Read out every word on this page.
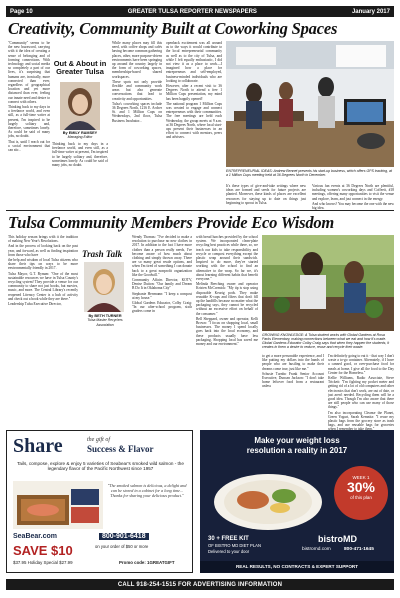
Page 10	GREATER TULSA REPORTER NEWSPAPERS	January 2017
Creativity, Community Built at Coworking Spaces

"Community" seems to be the new buzzword, carrying with it the idea of creating a sense of belonging and of forming connections. With technology and social media so completely a part of our lives, it's surprising that humans are, ironically, more connected than ever, regardless of geographical location and yet more distanced than ever, feeling our innate need and desire to connect with others.

Thinking back to my days in a freelance world, and even still, as a full-time writer at present, I'm inspired to be largely solitary and, therefore, sometimes lonely. As could be said of many jobs, no doubt.

That is, until I reach out for a social environment that can stir...

Out & About in Greater Tulsa
By EMILY RAMSEY
Managing Editor

Thinking back to my days in a freelance world, and even still, as a full-time writer at present, I'm inspired to be largely solitary and, therefore, sometimes lonely. As could be said of many jobs, no doubt.

While many places may fill this need, with coffee shops and cafés having become common gathering places, other, more purpose-driven environments have been springing up around the country largely in the form of coworking spaces, memberships-based shared workspaces.

These spots not only provide flexible and community work areas but also generate conversations that lead to creativity and opportunities.

Tulsa's coworking spaces include 36 Degrees North, 1216 E. Archer St. and 1 Million Cups on Wednesdays, 2nd floor, Tulsa Business Incubator...

openhack excitement was all around as to the ways it would contribute to the local entrepreneurial community as well as to the city of Tulsa, and while I felt equally enthusiastic, I did not view it as a place to work—I imagined how a place for entrepreneurs and self-employed, business-minded individuals who are looking to collaborate.

However, after a recent visit to 36 Degrees North to attend a free 1 Million Cups presentation, my mind has been happily opened!

The national program 1 Million Cups was created to engage and connect entrepreneurs with their communities. The free meetings are held each Wednesday, the group meets at 9 a.m. at 36 Degrees North, where local start-ups present their businesses in an effort to connect with mentors, peers and advisers.

ENTREPRENEURIAL IDEAS: Andrew Bennet presents his start-up business, which offers GPS tracking, at a 1 Million Cups meeting held at 36 Degrees North in December.

It's these types of give-and-take settings where new ideas are formed and seeds for future projects are planted. Moreover, these kinds of places are excellent resources for staying up to date on things just beginning to sprout in Tulsa.

Various fun events at 36 Degrees North are plentiful, including women's coworking days and Coffeeit, #18 meetings, offering many opportunities to visit the venue and explore, learn, and just connect in the energy.

And who knows? You may become the one with the new big idea.

Tulsa Community Members Provide Eco Wisdom

This holiday season brings with it the tradition of making New Year's Resolutions.

And in the process of looking back on the past year, and forward, as well as finding inspiration from those who have

the help and wisdom of local Tulsa citizens who share their tips on ways to be more environmentally friendly in 2017.

Tulsa Mayor, G.T. Bynum: "One of the most sustainable resources we have in Tulsa County's recycling system! They provide a venue for our community to share not just books, but movies, music, and more. The Central Library's recently reopened Literacy Center is a hub of activity and check out a book while they are there."

Leadership Tulsa Executive Director,

Trash Talk
By BETH TURNER
Tulsa Master Recyclers Association

Wendy Thomas: "I've decided to make a resolution to purchase no new clothes in 2017. In addition to the fact I have more clothes than a person really needs, I've become aware of how much about clothing and simply thrown away. There are so many great resale options, and when I'm tired of something I can donate back to a great nonprofit organization like the Goodwill."

Community Affairs Director, KOTV, Denise Dutton: "Our family and Dream B Do It in Oklahoma City"

Stephanie Herrmann: "I keep a compost at my house."

Global Gardens Educator, Colby Craig: "In our after-school program, sixth graders come in

with bread lunches provided by the school system. We incorporated clean-plate recycling best practices while there, so, we teach our kids to take responsibility and recycle or compost everything except the plastic wrap around their sandwich. Inspired to do more, they've started working with the school to find an alternative to the wrap. So far we, it's about learning different habits that benefit everyone."

Melinda Beeching owner and operator Kristen McCormick: "My tip is stop using disposable Keurig pods. They make reusable K-cups and filters that don't fill up the landfills because no matter what the packaging says, they cannot be recycled without an excessive effort on behalf of the consumer."

Bell Sheppard, owner and operator, Kelli Brown: "I focus on shopping local, small businesses. The money I spend locally goes back into the local economy, and these products usually have less packaging. Shopping local has saved me money and our environment."

GROWING KNOWLEDGE: A Tulsa student works with Global Gardens at Rosa Parks Elementary, making connections between what we eat and how it's made. Global Gardens Educator Colby Craig says that when they happen the students, it creates in them a desire to reduce, reuse and recycle their waste.

to get a more personable experience, and I like putting my dollars into the hands of people who are hustling to make their dreams come true, just like me."

Schusie Turnbo Frank Senior Account Executive, Duncan Jackson: "I don't take home leftover food from a restaurant unless

I'm definitely going to eat it - that way I don't waste a to-go container. Alternately, if I have a canned good, or over-purchase food for meals at home, I give all the food to the Day Center for the Homeless."

Kellie Williams, Radio Associate, Steve Trickett: "I'm fighting my pocket meter and getting rid of a lot of old computers and other electronics that don't work, are out of date, or just aren't needed. Recycling them will be a good idea. Though I'm also aware that there are still people who can use many of those things."

I'm also incorporating Cleanse the Planet, Green Yogurt, Sarah Kemnitz: "I reuse my plastic bags from the grocery store as trash bags, and use reusable bags for groceries

Share	the gift of
Success & Flavor
Tails, compose, explore & enjoy 5 varieties of Seabear's smoked wild salmon - the legendary flavor of the Pacific Northwest since 1957
"The smoked salmon is delicious, a delight and can be stored in a cabinet for a long time... Thanks for sharing your delicious product."
SeaBear.com	800-901-6418
SAVE $10	on your order of $50 or more
$37.95 Holiday Special $27.99	Promo code: 1GREATGIFT
Make your weight loss
resolution a reality in 2017
WEEK 1
30%
of this plan
30 + FREE KIT
OF BISTRO MD DIET PLAN
Delivered to your door
bistroMD
bistromd.com	800-471-1645
REAL RESULTS, NO CONTRACTS & EXPERT SUPPORT
CALL 918-254-1515 FOR ADVERTISING INFORMATION
